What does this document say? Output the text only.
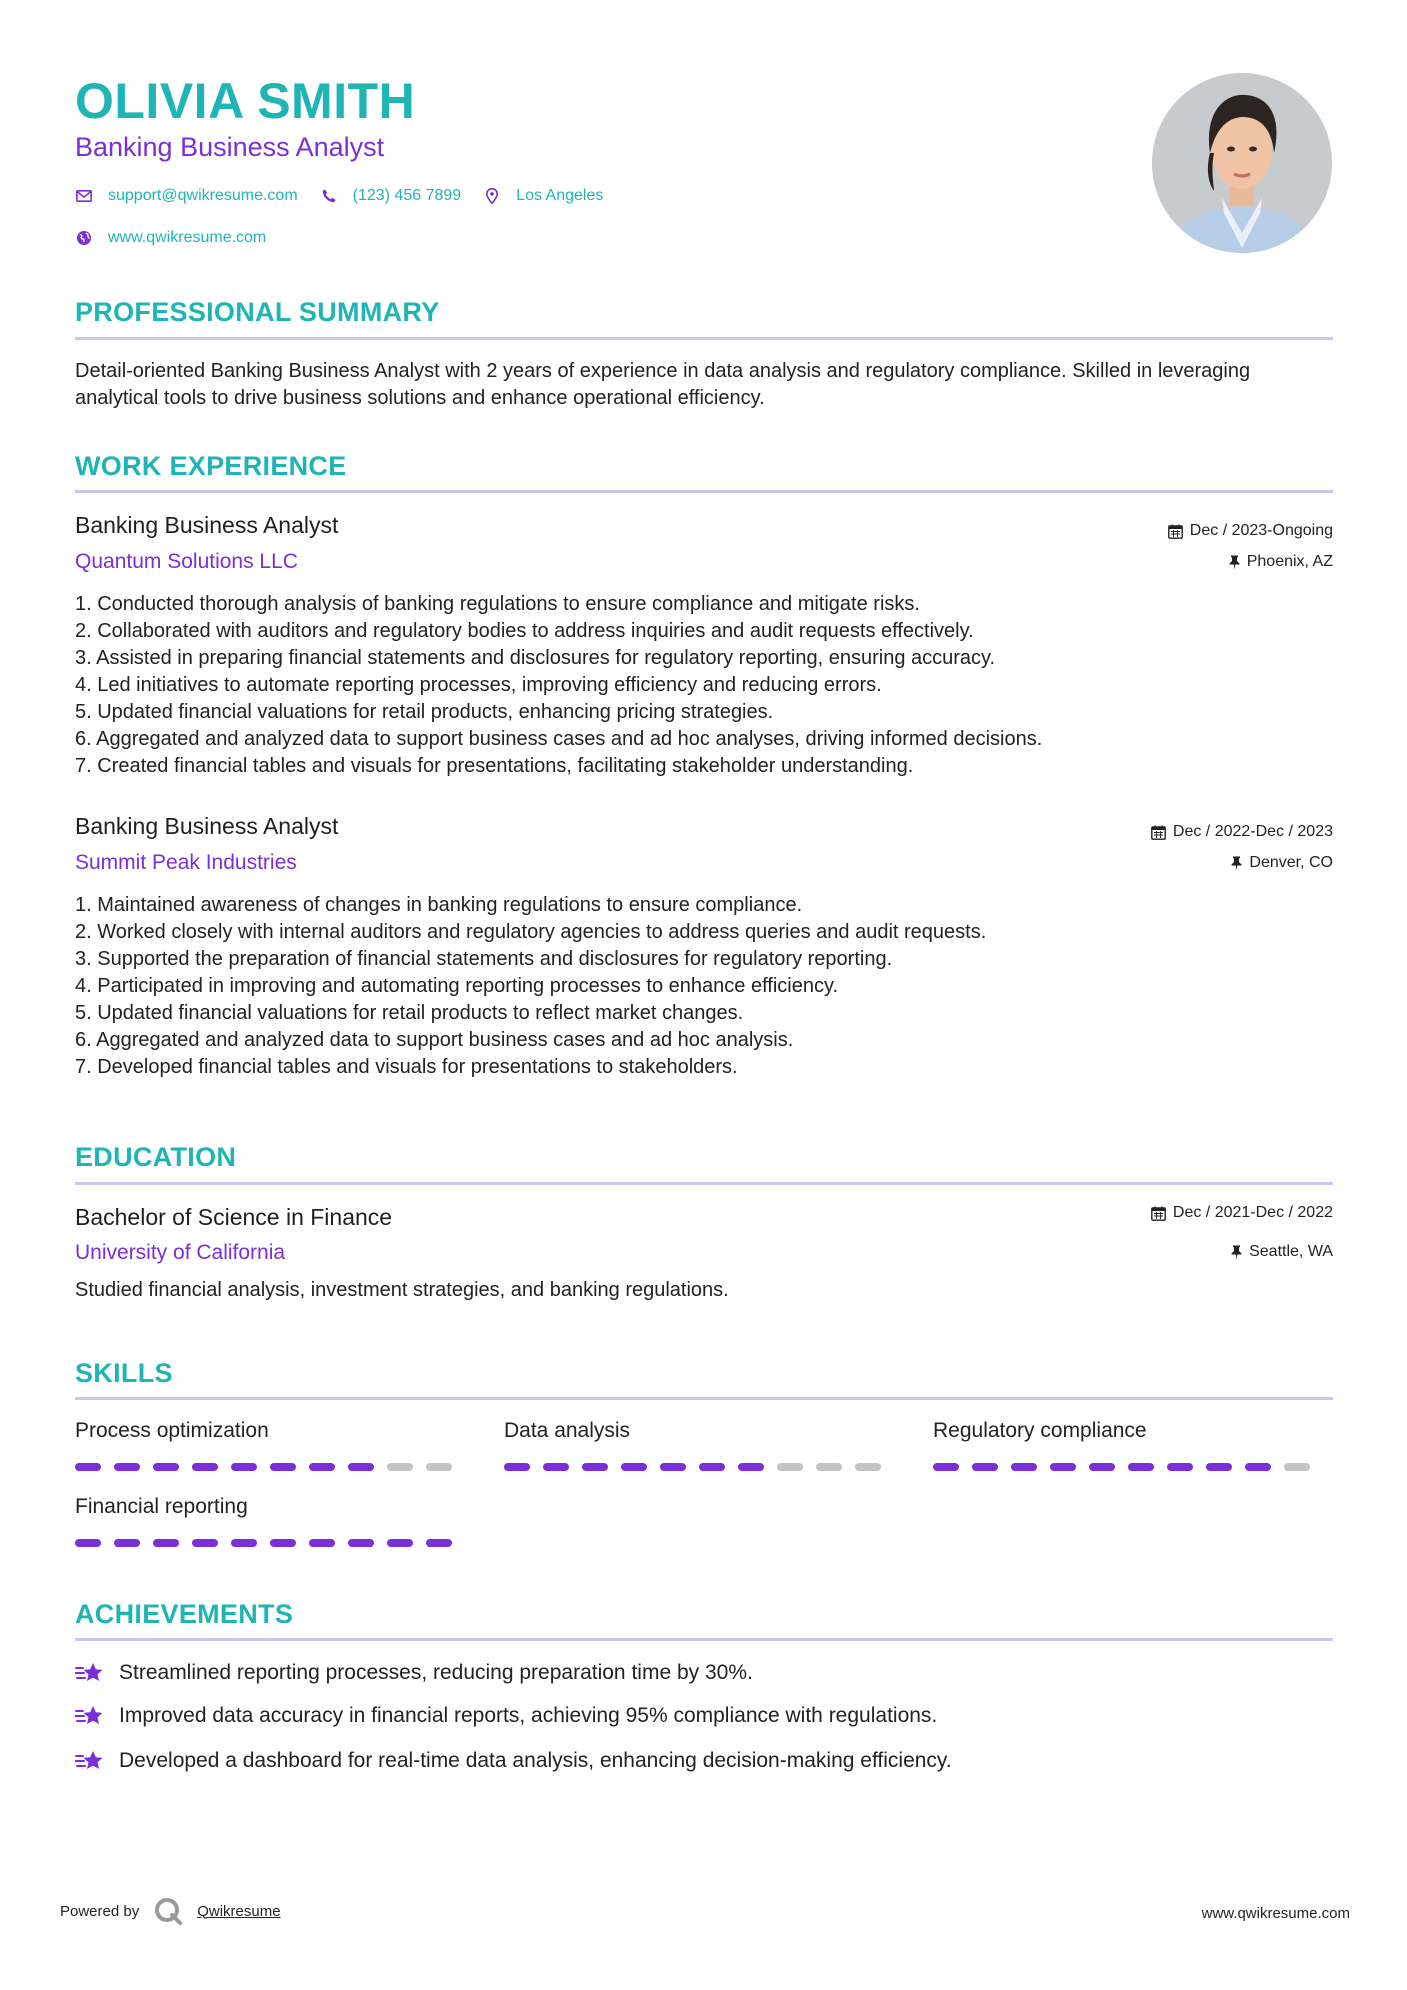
OLIVIA SMITH
Banking Business Analyst
support@qwikresume.com	(123) 456 7899	Los Angeles
www.qwikresume.com
PROFESSIONAL SUMMARY
Detail-oriented Banking Business Analyst with 2 years of experience in data analysis and regulatory compliance. Skilled in leveraging analytical tools to drive business solutions and enhance operational efficiency.
WORK EXPERIENCE
Banking Business Analyst
Quantum Solutions LLC
Dec / 2023-Ongoing
Phoenix, AZ
1. Conducted thorough analysis of banking regulations to ensure compliance and mitigate risks.
2. Collaborated with auditors and regulatory bodies to address inquiries and audit requests effectively.
3. Assisted in preparing financial statements and disclosures for regulatory reporting, ensuring accuracy.
4. Led initiatives to automate reporting processes, improving efficiency and reducing errors.
5. Updated financial valuations for retail products, enhancing pricing strategies.
6. Aggregated and analyzed data to support business cases and ad hoc analyses, driving informed decisions.
7. Created financial tables and visuals for presentations, facilitating stakeholder understanding.
Banking Business Analyst
Summit Peak Industries
Dec / 2022-Dec / 2023
Denver, CO
1. Maintained awareness of changes in banking regulations to ensure compliance.
2. Worked closely with internal auditors and regulatory agencies to address queries and audit requests.
3. Supported the preparation of financial statements and disclosures for regulatory reporting.
4. Participated in improving and automating reporting processes to enhance efficiency.
5. Updated financial valuations for retail products to reflect market changes.
6. Aggregated and analyzed data to support business cases and ad hoc analysis.
7. Developed financial tables and visuals for presentations to stakeholders.
EDUCATION
Bachelor of Science in Finance
University of California
Dec / 2021-Dec / 2022
Seattle, WA
Studied financial analysis, investment strategies, and banking regulations.
SKILLS
Process optimization	Data analysis	Regulatory compliance
Financial reporting
ACHIEVEMENTS
Streamlined reporting processes, reducing preparation time by 30%.
Improved data accuracy in financial reports, achieving 95% compliance with regulations.
Developed a dashboard for real-time data analysis, enhancing decision-making efficiency.
Powered by	Qwikresume	www.qwikresume.com
